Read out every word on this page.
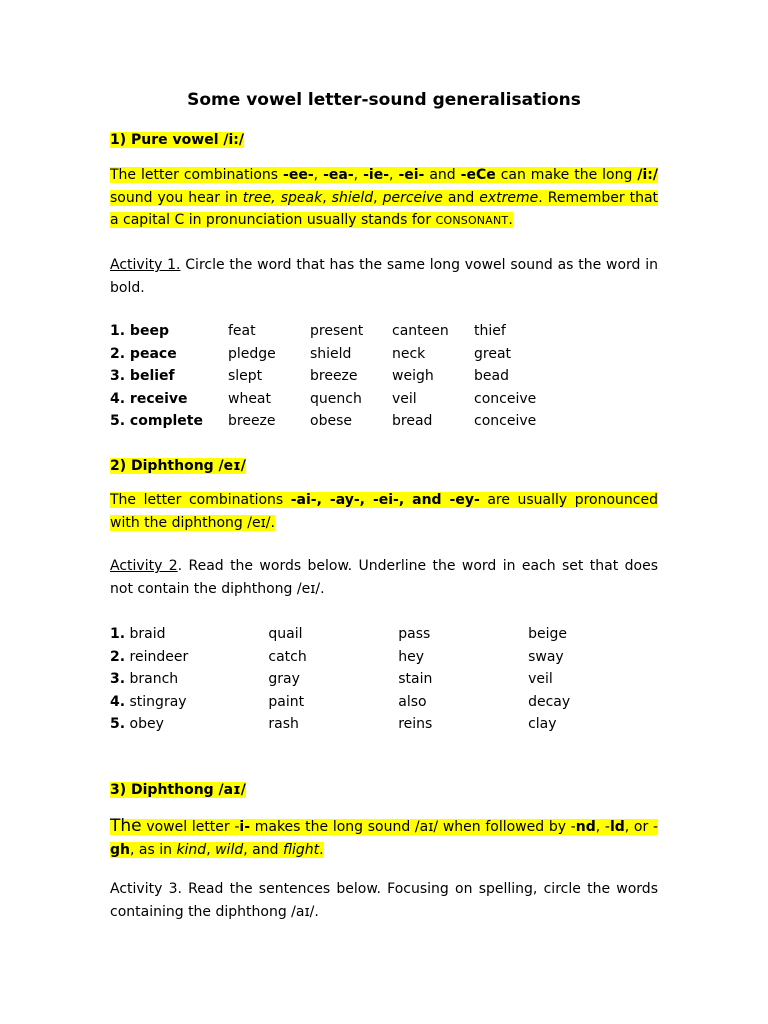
Some vowel letter-sound generalisations
1) Pure vowel /i:/
The letter combinations -ee-, -ea-, -ie-, -ei- and -eCe can make the long /i:/ sound you hear in tree, speak, shield, perceive and extreme. Remember that a capital C in pronunciation usually stands for CONSONANT.
Activity 1. Circle the word that has the same long vowel sound as the word in bold.
1. beep	feat	present	canteen	thief
2. peace	pledge	shield	neck	great
3. belief	slept	breeze	weigh	bead
4. receive	wheat	quench	veil	conceive
5. complete	breeze	obese	bread	conceive
2) Diphthong /eɪ/
The letter combinations -ai-, -ay-, -ei-, and -ey- are usually pronounced with the diphthong /eɪ/.
Activity 2. Read the words below. Underline the word in each set that does not contain the diphthong /eɪ/.
1. braid	quail	pass	beige
2. reindeer	catch	hey	sway
3. branch	gray	stain	veil
4. stingray	paint	also	decay
5. obey	rash	reins	clay
3) Diphthong /aɪ/
The vowel letter -i- makes the long sound /aɪ/ when followed by -nd, -ld, or -gh, as in kind, wild, and flight.
Activity 3. Read the sentences below. Focusing on spelling, circle the words containing the diphthong /aɪ/.
